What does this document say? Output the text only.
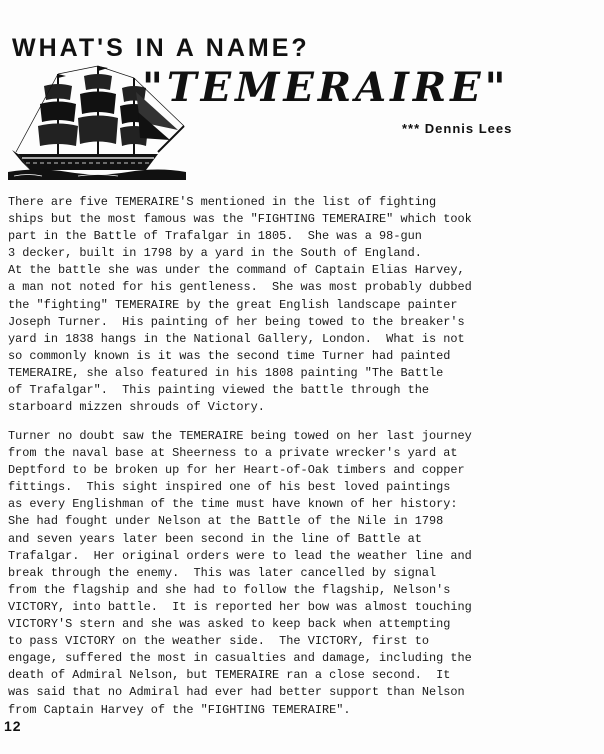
WHAT'S IN A NAME?
"TEMERAIRE"
*** Dennis Lees
There are five TEMERAIRE'S mentioned in the list of fighting
ships but the most famous was the "FIGHTING TEMERAIRE" which took
part in the Battle of Trafalgar in 1805.  She was a 98-gun
3 decker, built in 1798 by a yard in the South of England.
At the battle she was under the command of Captain Elias Harvey,
a man not noted for his gentleness.  She was most probably dubbed
the "fighting" TEMERAIRE by the great English landscape painter
Joseph Turner.  His painting of her being towed to the breaker's
yard in 1838 hangs in the National Gallery, London.  What is not
so commonly known is it was the second time Turner had painted
TEMERAIRE, she also featured in his 1808 painting "The Battle
of Trafalgar".  This painting viewed the battle through the
starboard mizzen shrouds of Victory.
Turner no doubt saw the TEMERAIRE being towed on her last journey
from the naval base at Sheerness to a private wrecker's yard at
Deptford to be broken up for her Heart-of-Oak timbers and copper
fittings.  This sight inspired one of his best loved paintings
as every Englishman of the time must have known of her history:
She had fought under Nelson at the Battle of the Nile in 1798
and seven years later been second in the line of Battle at
Trafalgar.  Her original orders were to lead the weather line and
break through the enemy.  This was later cancelled by signal
from the flagship and she had to follow the flagship, Nelson's
VICTORY, into battle.  It is reported her bow was almost touching
VICTORY'S stern and she was asked to keep back when attempting
to pass VICTORY on the weather side.  The VICTORY, first to
engage, suffered the most in casualties and damage, including the
death of Admiral Nelson, but TEMERAIRE ran a close second.  It
was said that no Admiral had ever had better support than Nelson
from Captain Harvey of the "FIGHTING TEMERAIRE".
12
